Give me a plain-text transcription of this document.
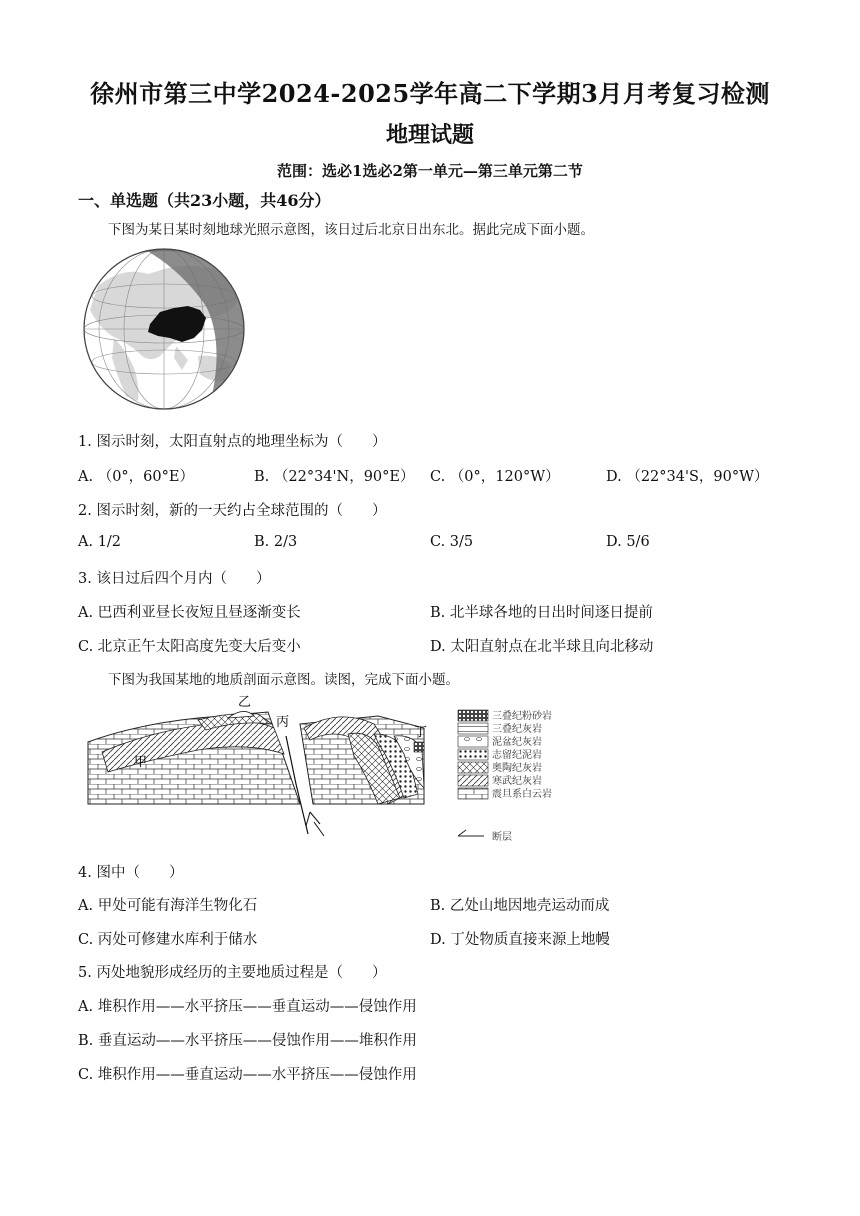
徐州市第三中学2024-2025学年高二下学期3月月考复习检测
地理试题
范围：选必1选必2第一单元—第三单元第二节
一、单选题（共23小题，共46分）
下图为某日某时刻地球光照示意图，该日过后北京日出东北。据此完成下面小题。
1. 图示时刻，太阳直射点的地理坐标为（　　）
A. （0°，60°E）	B. （22°34'N，90°E） C. （0°，120°W）	D. （22°34'S，90°W）
2. 图示时刻，新的一天约占全球范围的（　　）
A. 1/2	B. 2/3	C. 3/5	D. 5/6
3. 该日过后四个月内（　　）
A. 巴西利亚昼长夜短且昼逐渐变长	B. 北半球各地的日出时间逐日提前
C. 北京正午太阳高度先变大后变小	D. 太阳直射点在北半球且向北移动
下图为我国某地的地质剖面示意图。读图，完成下面小题。
甲
乙
丙
丁
三叠纪粉砂岩
三叠纪灰岩
泥盆纪灰岩
志留纪泥岩
奥陶纪灰岩
寒武纪灰岩
震旦系白云岩
断层
4. 图中（　　）
A. 甲处可能有海洋生物化石	B. 乙处山地因地壳运动而成
C. 丙处可修建水库利于储水	D. 丁处物质直接来源上地幔
5. 丙处地貌形成经历的主要地质过程是（　　）
A. 堆积作用——水平挤压——垂直运动——侵蚀作用
B. 垂直运动——水平挤压——侵蚀作用——堆积作用
C. 堆积作用——垂直运动——水平挤压——侵蚀作用
